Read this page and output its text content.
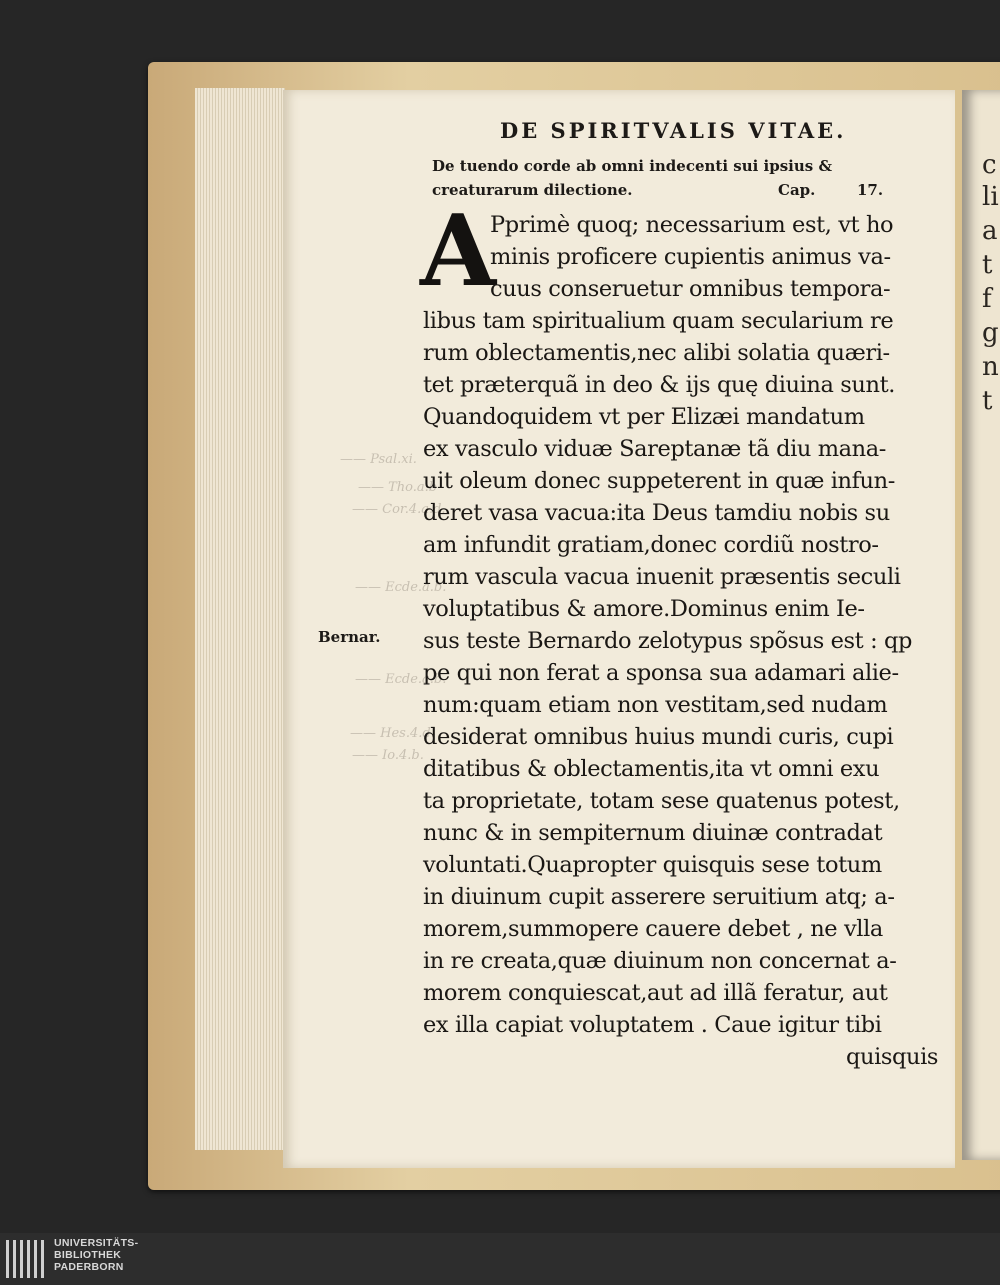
c
li
a
t
f
g
n
t
—— Psal.xi.
—— Tho.a.b
—— Cor.4.a.d.
—— Ecde.a.b.
—— Ecde.a.b.
—— Hes.4.d.
—— Io.4.b.
DE SPIRITVALIS VITAE.
De tuendo corde ab omni indecenti sui ipsius &
creaturarum dilectione.	Cap.	17.
A
Pprimè quoq; necessarium est, vt ho
minis proficere cupientis animus va-
cuus conseruetur omnibus tempora-
libus tam spiritualium quam secularium re
rum oblectamentis,nec alibi solatia quæri-
tet præterquã in deo & ijs quę diuina sunt.
Quandoquidem vt per Elizæi mandatum
ex vasculo viduæ Sareptanæ tã diu mana-
uit oleum donec suppeterent in quæ infun-
deret vasa vacua:ita Deus tamdiu nobis su
am infundit gratiam,donec cordiũ nostro-
rum vascula vacua inuenit præsentis seculi
voluptatibus & amore.Dominus enim Ie-
sus teste Bernardo zelotypus spõsus est : qp
pe qui non ferat a sponsa sua adamari alie-
num:quam etiam non vestitam,sed nudam
desiderat omnibus huius mundi curis, cupi
ditatibus & oblectamentis,ita vt omni exu
ta proprietate, totam sese quatenus potest,
nunc & in sempiternum diuinæ contradat
voluntati.Quapropter quisquis sese totum
in diuinum cupit asserere seruitium atq; a-
morem,summopere cauere debet , ne vlla
in re creata,quæ diuinum non concernat a-
morem conquiescat,aut ad illã feratur, aut
ex illa capiat voluptatem . Caue igitur tibi
quisquis
Bernar.
UNIVERSITÄTS-
BIBLIOTHEK
PADERBORN
